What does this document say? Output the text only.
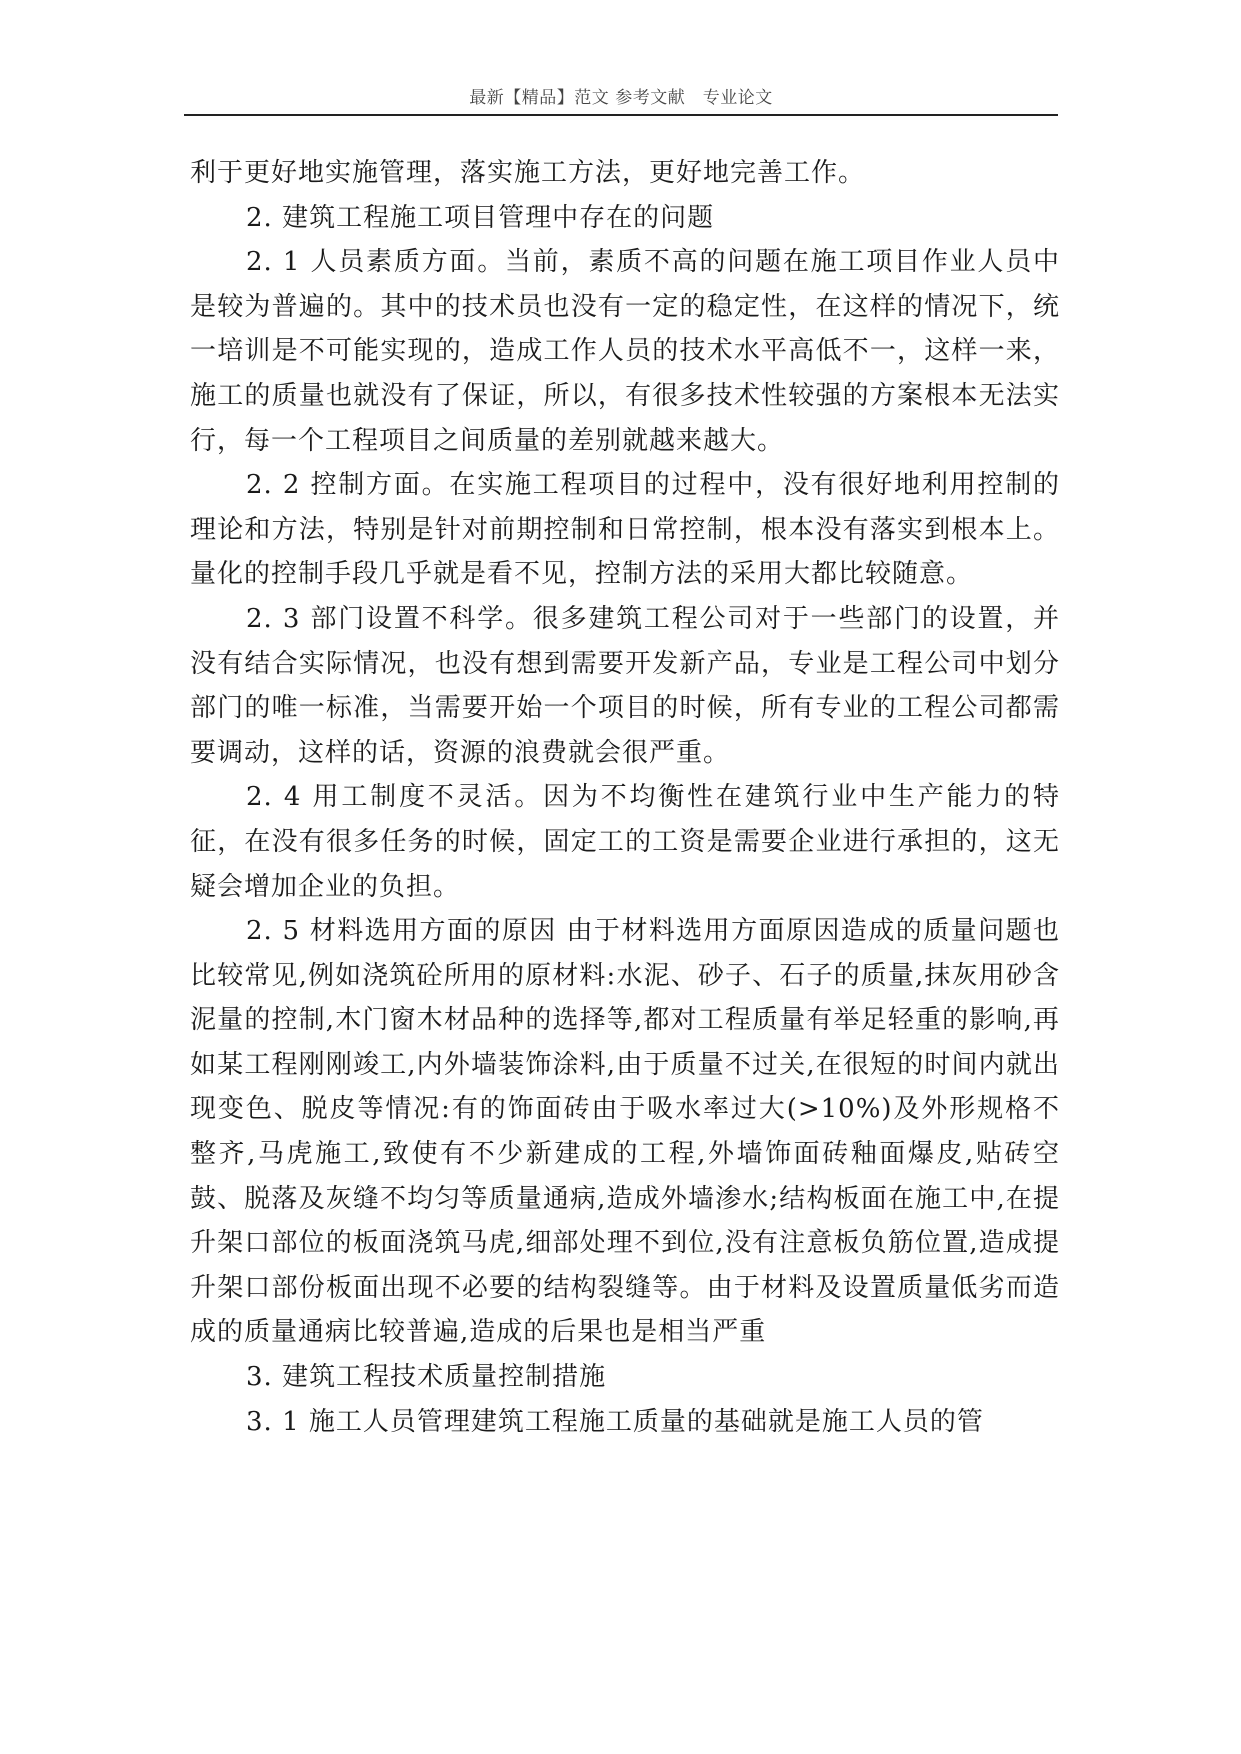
最新【精品】范文 参考文献　专业论文

利于更好地实施管理，落实施工方法，更好地完善工作。

2. 建筑工程施工项目管理中存在的问题

2. 1 人员素质方面。当前，素质不高的问题在施工项目作业人员中是较为普遍的。其中的技术员也没有一定的稳定性，在这样的情况下，统一培训是不可能实现的，造成工作人员的技术水平高低不一，这样一来，施工的质量也就没有了保证，所以，有很多技术性较强的方案根本无法实行，每一个工程项目之间质量的差别就越来越大。

2. 2 控制方面。在实施工程项目的过程中，没有很好地利用控制的理论和方法，特别是针对前期控制和日常控制，根本没有落实到根本上。量化的控制手段几乎就是看不见，控制方法的采用大都比较随意。

2. 3 部门设置不科学。很多建筑工程公司对于一些部门的设置，并没有结合实际情况，也没有想到需要开发新产品，专业是工程公司中划分部门的唯一标准，当需要开始一个项目的时候，所有专业的工程公司都需要调动，这样的话，资源的浪费就会很严重。

2. 4 用工制度不灵活。因为不均衡性在建筑行业中生产能力的特征，在没有很多任务的时候，固定工的工资是需要企业进行承担的，这无疑会增加企业的负担。

2. 5 材料选用方面的原因 由于材料选用方面原因造成的质量问题也比较常见,例如浇筑砼所用的原材料:水泥、砂子、石子的质量,抹灰用砂含泥量的控制,木门窗木材品种的选择等,都对工程质量有举足轻重的影响,再如某工程刚刚竣工,内外墙装饰涂料,由于质量不过关,在很短的时间内就出现变色、脱皮等情况:有的饰面砖由于吸水率过大(>10%)及外形规格不整齐,马虎施工,致使有不少新建成的工程,外墙饰面砖釉面爆皮,贴砖空鼓、脱落及灰缝不均匀等质量通病,造成外墙渗水;结构板面在施工中,在提升架口部位的板面浇筑马虎,细部处理不到位,没有注意板负筋位置,造成提升架口部份板面出现不必要的结构裂缝等。由于材料及设置质量低劣而造成的质量通病比较普遍,造成的后果也是相当严重

3. 建筑工程技术质量控制措施

3. 1 施工人员管理建筑工程施工质量的基础就是施工人员的管
